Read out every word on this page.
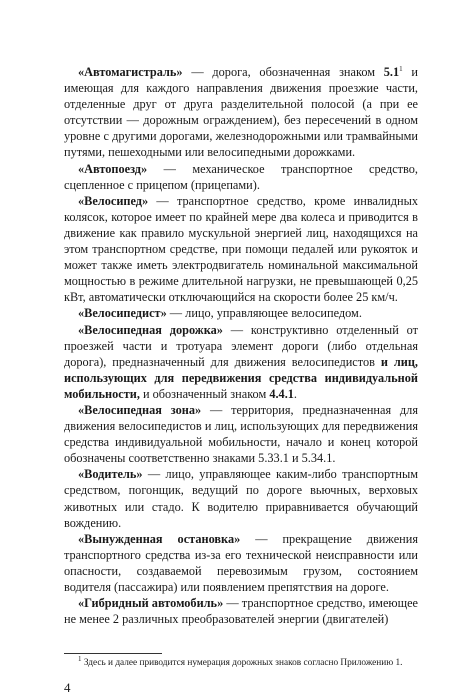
«Автомагистраль» — дорога, обозначенная знаком $5.1^1$ и имеющая для каждого направления движения проезжие части, отделенные друг от друга разделительной полосой (а при ее отсутствии — дорожным ограждением), без пересечений в одном уровне с другими дорогами, железнодорожными или трамвайными путями, пешеходными или велосипедными дорожками.

«Автопоезд» — механическое транспортное средство, сцепленное с прицепом (прицепами).

«Велосипед» — транспортное средство, кроме инвалидных колясок, которое имеет по крайней мере два колеса и приводится в движение как правило мускульной энергией лиц, находящихся на этом транспортном средстве, при помощи педалей или рукояток и может также иметь электродвигатель номинальной максимальной мощностью в режиме длительной нагрузки, не превышающей 0,25 кВт, автоматически отключающийся на скорости более 25 км/ч.

«Велосипедист» — лицо, управляющее велосипедом.

«Велосипедная дорожка» — конструктивно отделенный от проезжей части и тротуара элемент дороги (либо отдельная дорога), предназначенный для движения велосипедистов и лиц, использующих для передвижения средства индивидуальной мобильности, и обозначенный знаком 4.4.1.

«Велосипедная зона» — территория, предназначенная для движения велосипедистов и лиц, использующих для передвижения средства индивидуальной мобильности, начало и конец которой обозначены соответственно знаками 5.33.1 и 5.34.1.

«Водитель» — лицо, управляющее каким-либо транспортным средством, погонщик, ведущий по дороге вьючных, верховых животных или стадо. К водителю приравнивается обучающий вождению.

«Вынужденная остановка» — прекращение движения транспортного средства из-за его технической неисправности или опасности, создаваемой перевозимым грузом, состоянием водителя (пассажира) или появлением препятствия на дороге.

«Гибридный автомобиль» — транспортное средство, имеющее не менее 2 различных преобразователей энергии (двигателей)

$^1$ Здесь и далее приводится нумерация дорожных знаков согласно Приложению 1.

4
